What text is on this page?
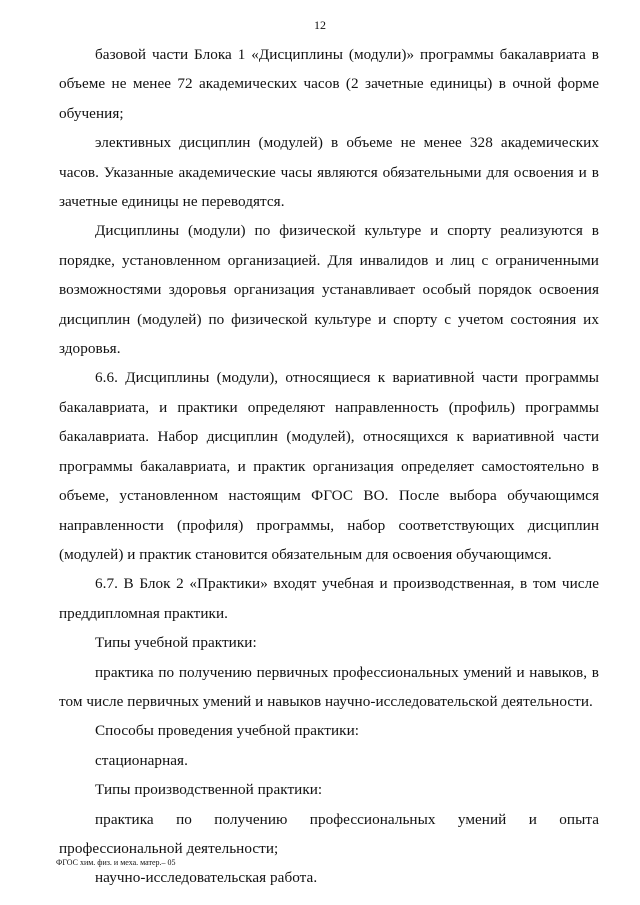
12

базовой части Блока 1 «Дисциплины (модули)» программы бакалавриата в объеме не менее 72 академических часов (2 зачетные единицы) в очной форме обучения;

элективных дисциплин (модулей) в объеме не менее 328 академических часов. Указанные академические часы являются обязательными для освоения и в зачетные единицы не переводятся.

Дисциплины (модули) по физической культуре и спорту реализуются в порядке, установленном организацией. Для инвалидов и лиц с ограниченными возможностями здоровья организация устанавливает особый порядок освоения дисциплин (модулей) по физической культуре и спорту с учетом состояния их здоровья.

6.6. Дисциплины (модули), относящиеся к вариативной части программы бакалавриата, и практики определяют направленность (профиль) программы бакалавриата. Набор дисциплин (модулей), относящихся к вариативной части программы бакалавриата, и практик организация определяет самостоятельно в объеме, установленном настоящим ФГОС ВО. После выбора обучающимся направленности (профиля) программы, набор соответствующих дисциплин (модулей) и практик становится обязательным для освоения обучающимся.

6.7. В Блок 2 «Практики» входят учебная и производственная, в том числе преддипломная практики.

Типы учебной практики:

практика по получению первичных профессиональных умений и навыков, в том числе первичных умений и навыков научно-исследовательской деятельности.

Способы проведения учебной практики:

стационарная.

Типы производственной практики:

практика по получению профессиональных умений и опыта профессиональной деятельности;

научно-исследовательская работа.

ФГОС хим. физ. и меха. матер.– 05
